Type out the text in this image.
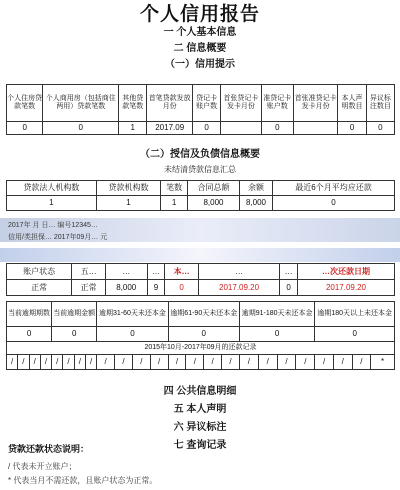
个人信用报告
一 个人基本信息
二 信息概要
（一）信用提示
个人住房贷款笔数	个人商用房（包括商住两用）贷款笔数	其他贷款笔数	首笔贷款发放月份	贷记卡账户数	首张贷记卡发卡月份	准贷记卡账户数	首张准贷记卡发卡月份	本人声明数目	异议标注数目
0	0	1	2017.09	0		0		0	0
（二）授信及负债信息概要
未结清贷款信息汇总
贷款法人机构数	贷款机构数	笔数	合同总额	余额	最近6个月平均应还款
1	1	1	8,000	8,000	0
2017年 月 日… 编号12345…
信用/类担保… 2017年09月… 元
账户状态	五…	…	…	本…	…	…	…次还款日期
正常	正常	8,000	9	0	2017.09.20	0	2017.09.20
当前逾期期数				当前逾期金额				逾期31-60天未还本金				逾期61-90天未还本金				逾期91-180天未还本金				逾期180天以上未还本金			
0				0				0				0				0				0			
2015年10月-2017年09月的还款记录																							
/	/	/	/	/	/	/	/	/	/	/	/	/	/	/	/	/	/	/	/	/	/	/	*
四 公共信息明细
五 本人声明
六 异议标注
七 查询记录
贷款还款状态说明：
/ 代表未开立账户；
* 代表当月不需还款，且账户状态为正常。
